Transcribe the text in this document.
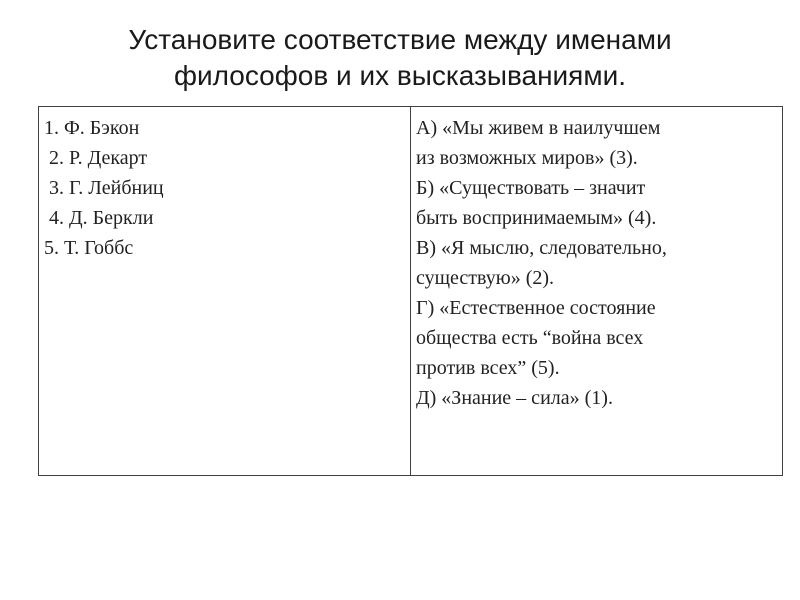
Установите соответствие между именами
философов и их высказываниями.
1. Ф. Бэкон
2. Р. Декарт
3. Г. Лейбниц
4. Д. Беркли
5. Т. Гоббс

А) «Мы живем в наилучшем
из возможных миров» (3).
Б) «Существовать – значит
быть воспринимаемым» (4).
В) «Я мыслю, следовательно,
существую» (2).
Г) «Естественное состояние
общества есть “война всех
против всех” (5).
Д) «Знание – сила» (1).
